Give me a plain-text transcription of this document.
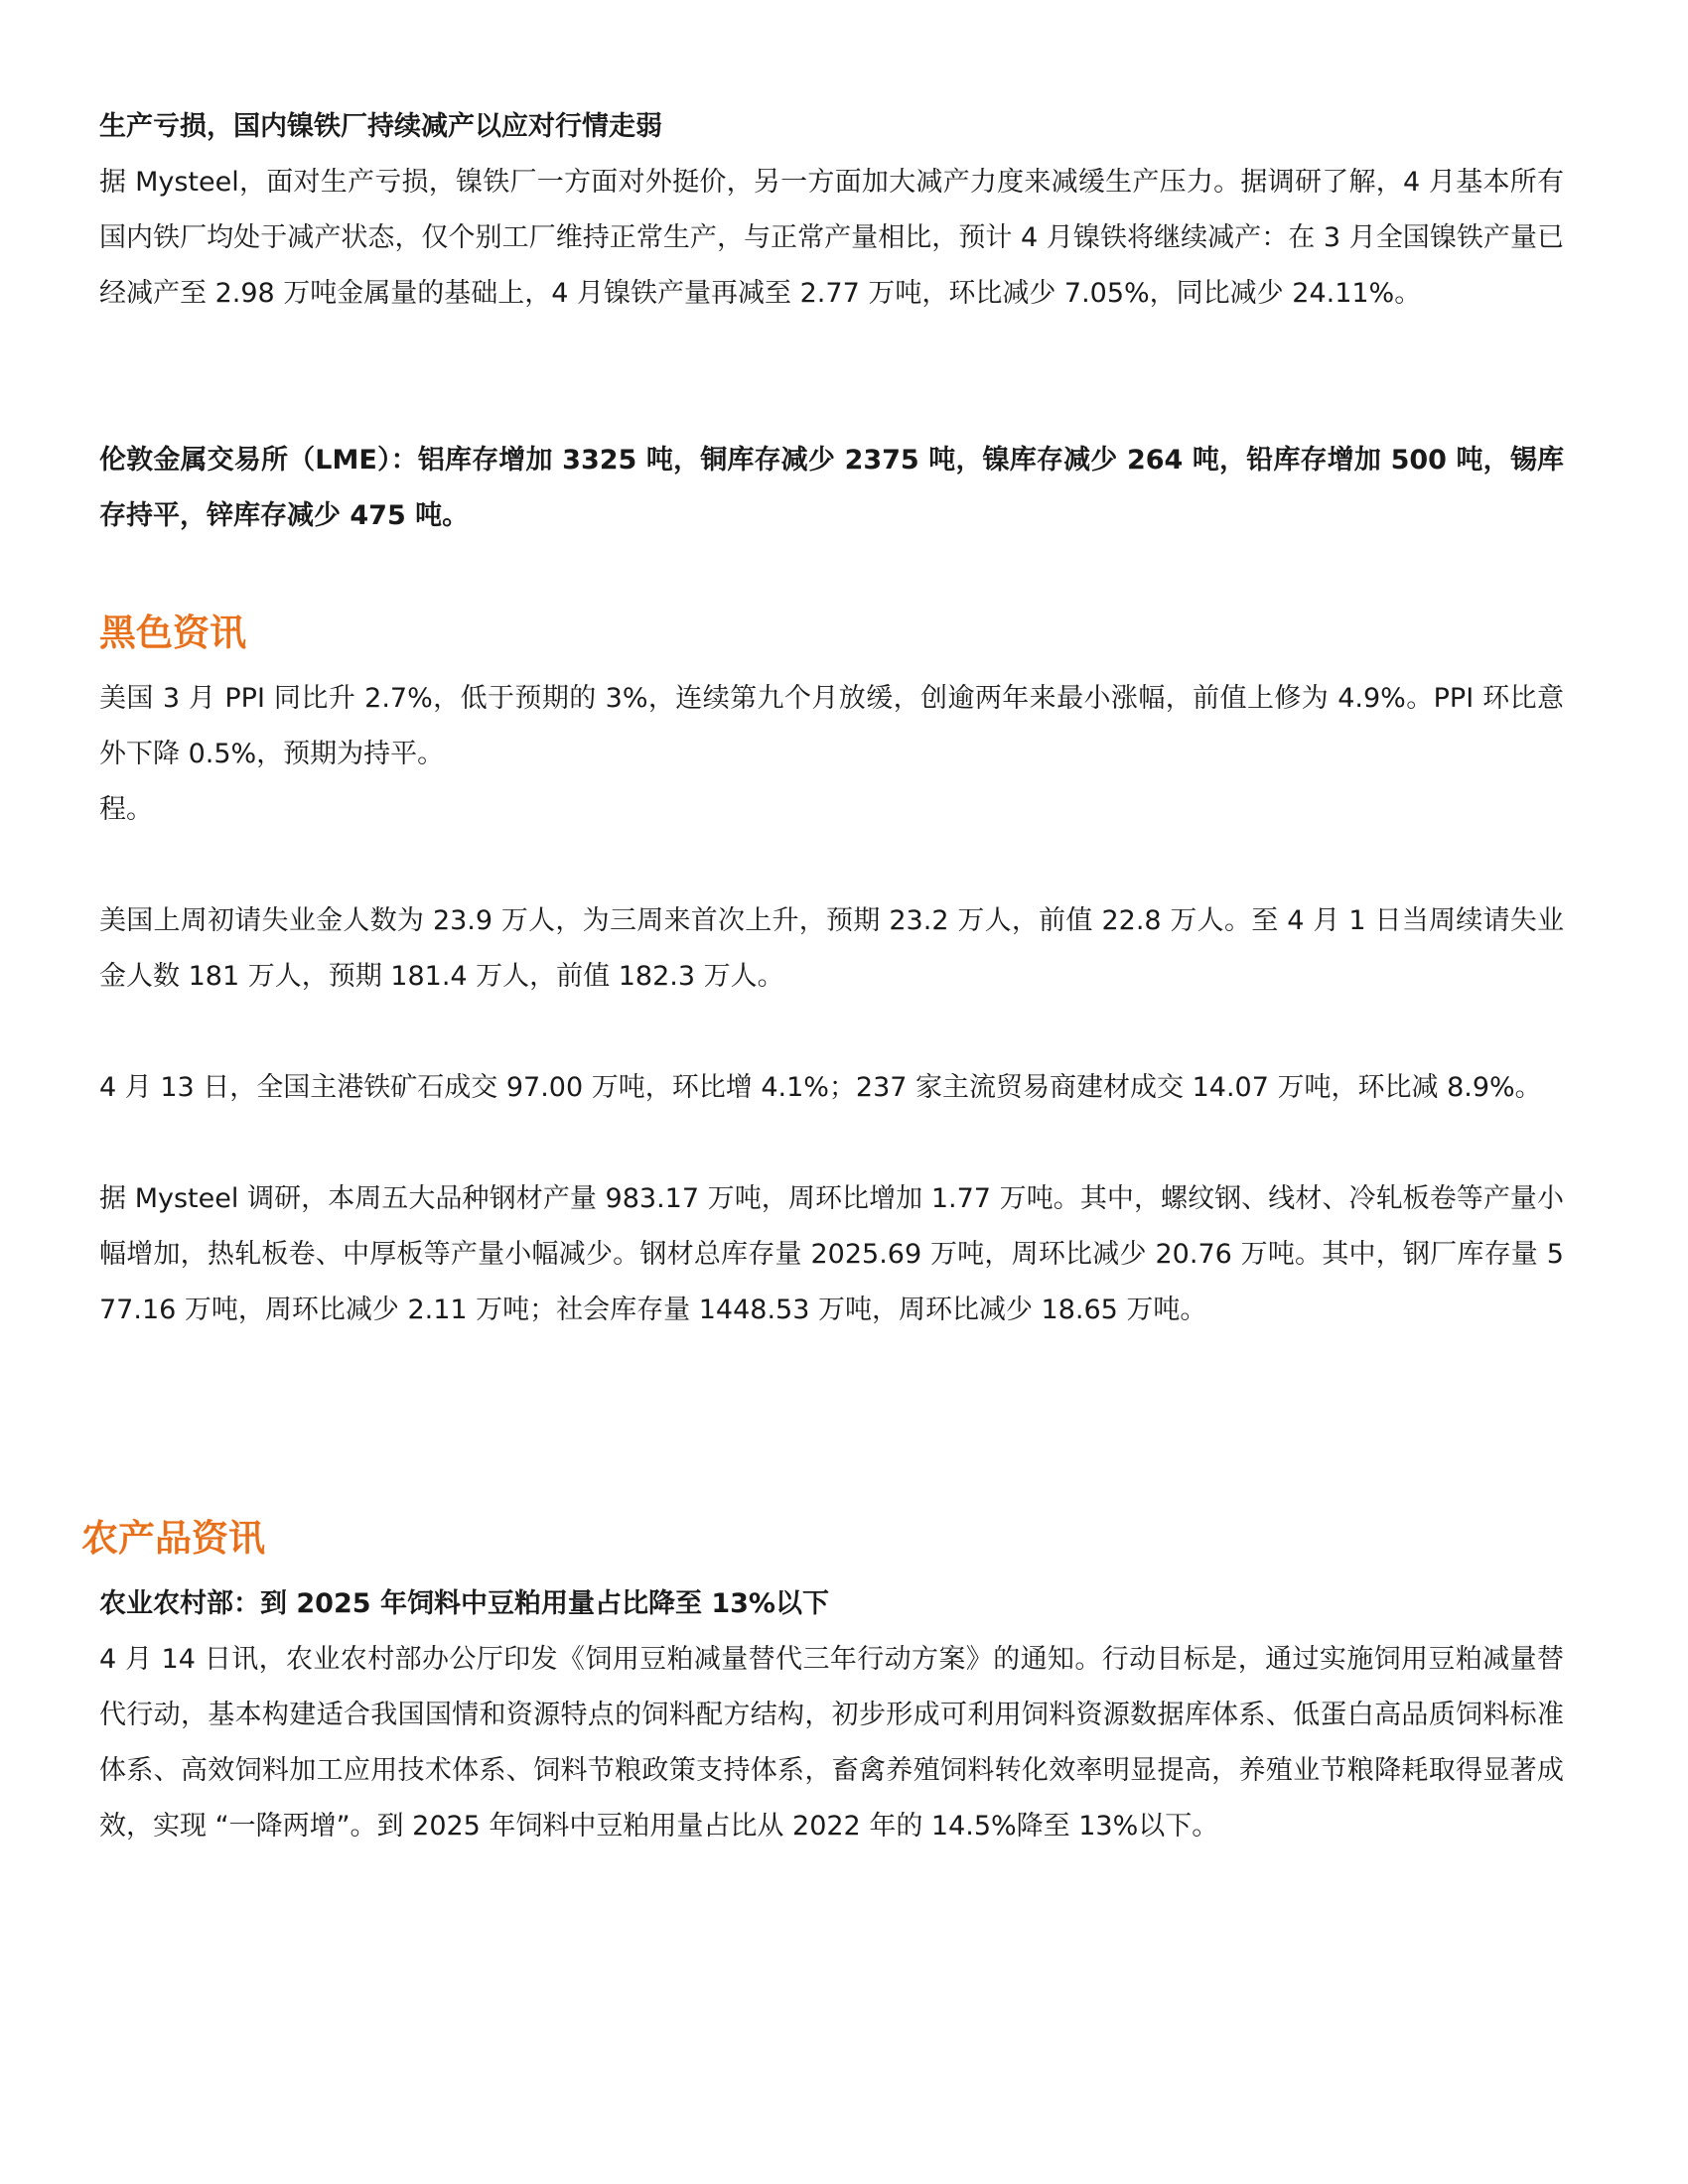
生产亏损，国内镍铁厂持续减产以应对行情走弱

据 Mysteel，面对生产亏损，镍铁厂一方面对外挺价，另一方面加大减产力度来减缓生产压力。据调研了解，4 月基本所有国内铁厂均处于减产状态，仅个别工厂维持正常生产，与正常产量相比，预计 4 月镍铁将继续减产：在 3 月全国镍铁产量已经减产至 2.98 万吨金属量的基础上，4 月镍铁产量再减至 2.77 万吨，环比减少 7.05%，同比减少 24.11%。

伦敦金属交易所（LME）：铝库存增加 3325 吨，铜库存减少 2375 吨，镍库存减少 264 吨，铅库存增加 500 吨，锡库存持平，锌库存减少 475 吨。

黑色资讯

美国 3 月 PPI 同比升 2.7%，低于预期的 3%，连续第九个月放缓，创逾两年来最小涨幅，前值上修为 4.9%。PPI 环比意外下降 0.5%，预期为持平。

程。

美国上周初请失业金人数为 23.9 万人，为三周来首次上升，预期 23.2 万人，前值 22.8 万人。至 4 月 1 日当周续请失业金人数 181 万人，预期 181.4 万人，前值 182.3 万人。

4 月 13 日，全国主港铁矿石成交 97.00 万吨，环比增 4.1%；237 家主流贸易商建材成交 14.07 万吨，环比减 8.9%。

据 Mysteel 调研，本周五大品种钢材产量 983.17 万吨，周环比增加 1.77 万吨。其中，螺纹钢、线材、冷轧板卷等产量小幅增加，热轧板卷、中厚板等产量小幅减少。钢材总库存量 2025.69 万吨，周环比减少 20.76 万吨。其中，钢厂库存量 577.16 万吨，周环比减少 2.11 万吨；社会库存量 1448.53 万吨，周环比减少 18.65 万吨。

农产品资讯

农业农村部：到 2025 年饲料中豆粕用量占比降至 13%以下

4 月 14 日讯，农业农村部办公厅印发《饲用豆粕减量替代三年行动方案》的通知。行动目标是，通过实施饲用豆粕减量替代行动，基本构建适合我国国情和资源特点的饲料配方结构，初步形成可利用饲料资源数据库体系、低蛋白高品质饲料标准体系、高效饲料加工应用技术体系、饲料节粮政策支持体系，畜禽养殖饲料转化效率明显提高，养殖业节粮降耗取得显著成效，实现 “一降两增”。到 2025 年饲料中豆粕用量占比从 2022 年的 14.5%降至 13%以下。
